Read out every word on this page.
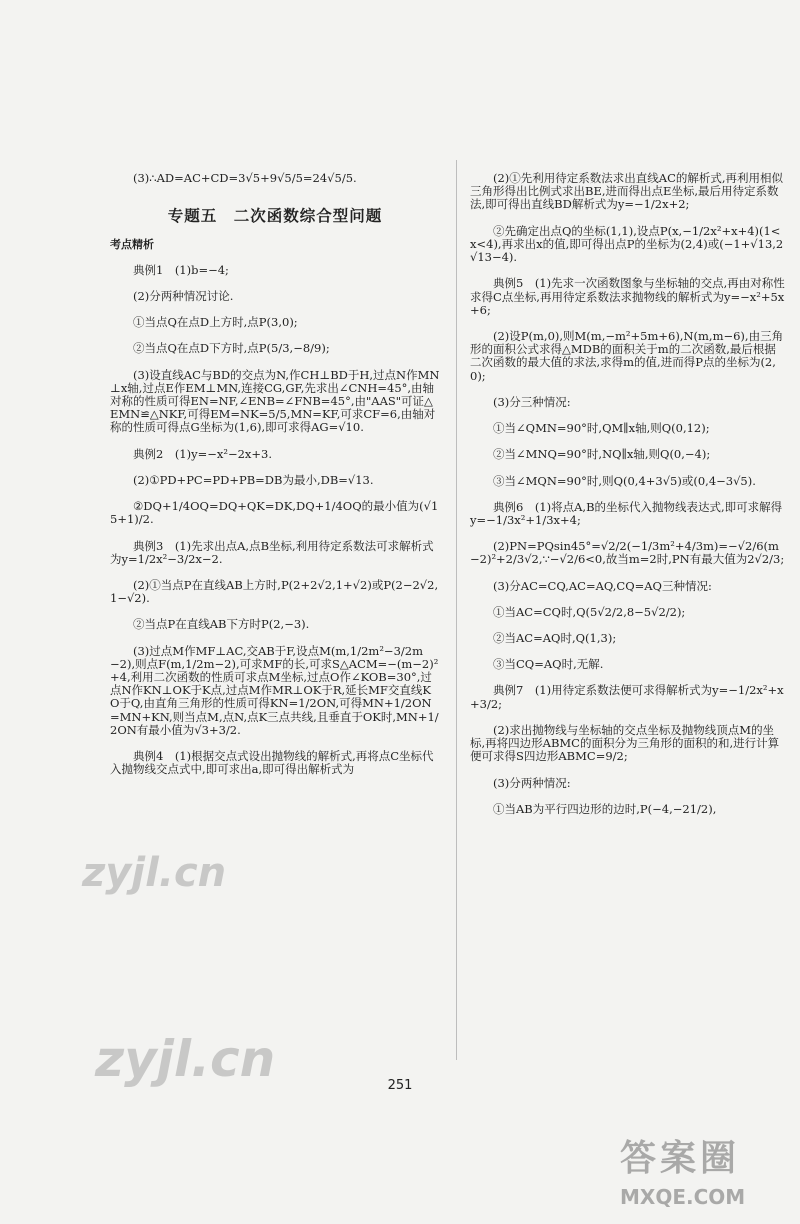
(3)∴AD=AC+CD=3√5+9√5/5=24√5/5.

专题五　二次函数综合型问题
考点精析

典例1　(1)b=−4;

(2)分两种情况讨论.

①当点Q在点D上方时,点P(3,0);

②当点Q在点D下方时,点P(5/3,−8/9);

(3)设直线AC与BD的交点为N,作CH⊥BD于H,过点N作MN⊥x轴,过点E作EM⊥MN,连接CG,GF,先求出∠CNH=45°,由轴对称的性质可得EN=NF,∠ENB=∠FNB=45°,由"AAS"可证△EMN≌△NKF,可得EM=NK=5/5,MN=KF,可求CF=6,由轴对称的性质可得点G坐标为(1,6),即可求得AG=√10.

典例2　(1)y=−x²−2x+3.

(2)①PD+PC=PD+PB=DB为最小,DB=√13.

②DQ+1/4OQ=DQ+QK=DK,DQ+1/4OQ的最小值为(√15+1)/2.

典例3　(1)先求出点A,点B坐标,利用待定系数法可求解析式为y=1/2x²−3/2x−2.

(2)①当点P在直线AB上方时,P(2+2√2,1+√2)或P(2−2√2,1−√2).

②当点P在直线AB下方时P(2,−3).

(3)过点M作MF⊥AC,交AB于F,设点M(m,1/2m²−3/2m−2),则点F(m,1/2m−2),可求MF的长,可求S△ACM=−(m−2)²+4,利用二次函数的性质可求点M坐标,过点O作∠KOB=30°,过点N作KN⊥OK于K点,过点M作MR⊥OK于R,延长MF交直线KO于Q,由直角三角形的性质可得KN=1/2ON,可得MN+1/2ON=MN+KN,则当点M,点N,点K三点共线,且垂直于OK时,MN+1/2ON有最小值为√3+3/2.

典例4　(1)根据交点式设出抛物线的解析式,再将点C坐标代入抛物线交点式中,即可求出a,即可得出解析式为

(2)①先利用待定系数法求出直线AC的解析式,再利用相似三角形得出比例式求出BE,进而得出点E坐标,最后用待定系数法,即可得出直线BD解析式为y=−1/2x+2;

②先确定出点Q的坐标(1,1),设点P(x,−1/2x²+x+4)(1<x<4),再求出x的值,即可得出点P的坐标为(2,4)或(−1+√13,2√13−4).

典例5　(1)先求一次函数图象与坐标轴的交点,再由对称性求得C点坐标,再用待定系数法求抛物线的解析式为y=−x²+5x+6;

(2)设P(m,0),则M(m,−m²+5m+6),N(m,m−6),由三角形的面积公式求得△MDB的面积关于m的二次函数,最后根据二次函数的最大值的求法,求得m的值,进而得P点的坐标为(2,0);

(3)分三种情况:

①当∠QMN=90°时,QM∥x轴,则Q(0,12);

②当∠MNQ=90°时,NQ∥x轴,则Q(0,−4);

③当∠MQN=90°时,则Q(0,4+3√5)或(0,4−3√5).

典例6　(1)将点A,B的坐标代入抛物线表达式,即可求解得y=−1/3x²+1/3x+4;

(2)PN=PQsin45°=√2/2(−1/3m²+4/3m)=−√2/6(m−2)²+2/3√2,∵−√2/6<0,故当m=2时,PN有最大值为2√2/3;

(3)分AC=CQ,AC=AQ,CQ=AQ三种情况:

①当AC=CQ时,Q(5√2/2,8−5√2/2);

②当AC=AQ时,Q(1,3);

③当CQ=AQ时,无解.

典例7　(1)用待定系数法便可求得解析式为y=−1/2x²+x+3/2;

(2)求出抛物线与坐标轴的交点坐标及抛物线顶点M的坐标,再将四边形ABMC的面积分为三角形的面积的和,进行计算便可求得S四边形ABMC=9/2;

(3)分两种情况:

①当AB为平行四边形的边时,P(−4,−21/2),

251
zyjl.cn
zyjl.cn
答案圈
MXQE.COM
